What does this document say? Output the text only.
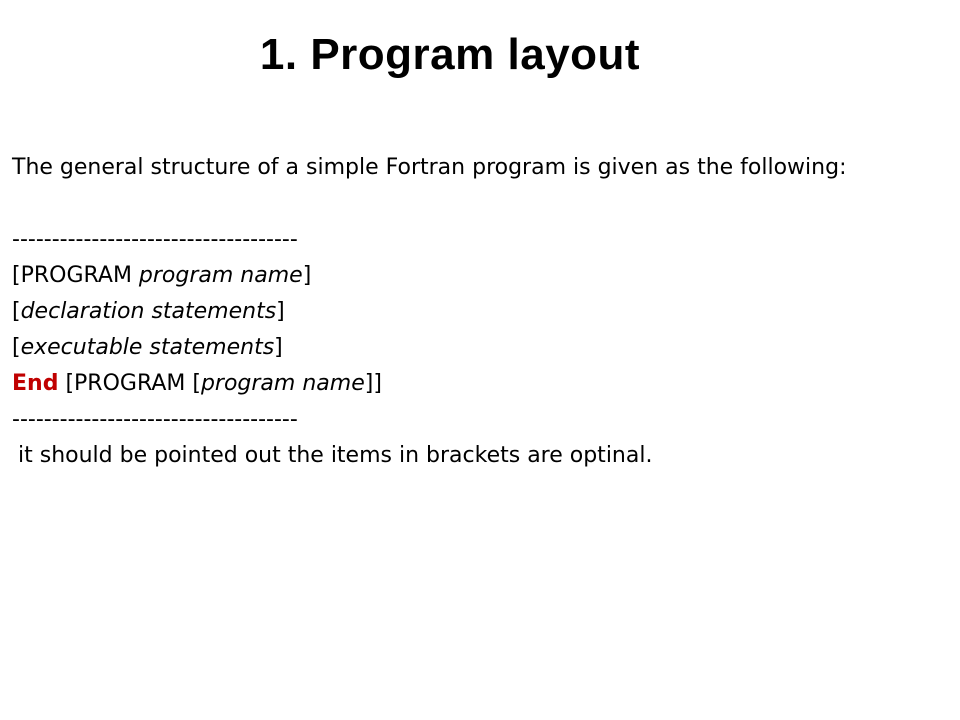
1. Program layout
The general structure of a simple Fortran program is given as the following:
------------------------------------
[PROGRAM program name]
[declaration statements]
[executable statements]
End [PROGRAM [program name]]
------------------------------------
it should be pointed out the items in brackets are optinal.
